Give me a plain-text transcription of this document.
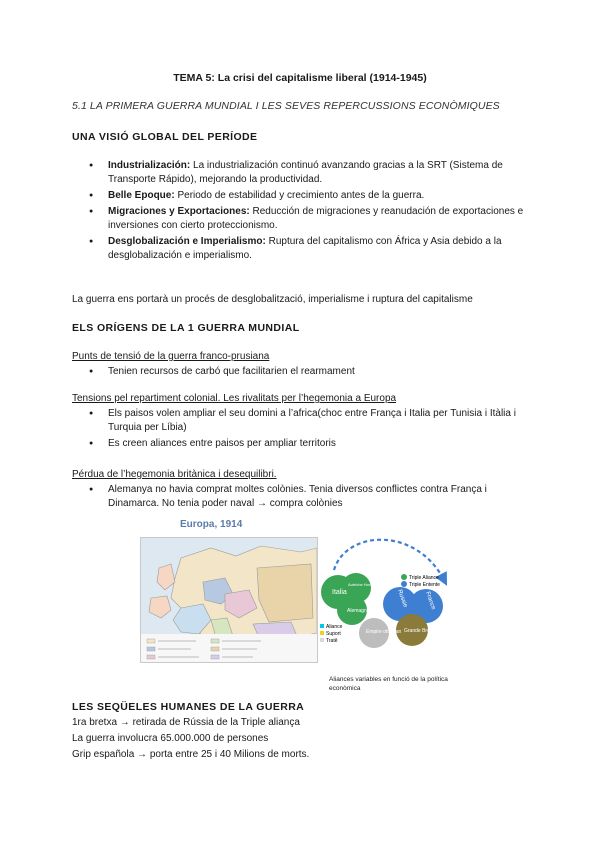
TEMA 5: La crisi del capitalisme liberal (1914-1945)
5.1 LA PRIMERA GUERRA MUNDIAL I LES SEVES REPERCUSSIONS ECONÒMIQUES
UNA VISIÓ GLOBAL DEL PERÍODE
● Industrialización: La industrialización continuó avanzando gracias a la SRT (Sistema de Transporte Rápido), mejorando la productividad.
● Belle Epoque: Periodo de estabilidad y crecimiento antes de la guerra.
● Migraciones y Exportaciones: Reducción de migraciones y reanudación de exportaciones e inversiones con cierto proteccionismo.
● Desglobalización e Imperialismo: Ruptura del capitalismo con África y Asia debido a la desglobalización e imperialismo.
La guerra ens portarà un procés de desglobalització, imperialisme i ruptura del capitalisme
ELS ORÍGENS DE LA 1 GUERRA MUNDIAL
Punts de tensió de la guerra franco-prusiana
● Tenien recursos de carbó que facilitarien el rearmament
Tensions pel repartiment colonial. Les rivalitats per l’hegemonia a Europa
● Els paisos volen ampliar el seu domini a l’africa(choc entre França i Italia per Tunisia i Itàlia i Turquia per Líbia)
● Es creen aliances entre paisos per ampliar territoris
Pérdua de l’hegemonia britànica i desequilibri.
● Alemanya no havia comprat moltes colònies. Tenia diversos conflictes contra França i Dinamarca. No tenia poder naval → compra colònies
Europa, 1914
Italia
Alemagne
Autriche Hongrie
Russie	France
Empire ottoman Grande Bretagne
Triple Aliance
Triple Entente
Aliance
Suport
Tratê
Aliances variables en funció de la política econòmica
LES SEQÜELES HUMANES DE LA GUERRA
1ra bretxa → retirada de Rússia de la Triple aliança
La guerra involucra 65.000.000 de persones
Grip española → porta entre 25 i 40 Milions de morts.
